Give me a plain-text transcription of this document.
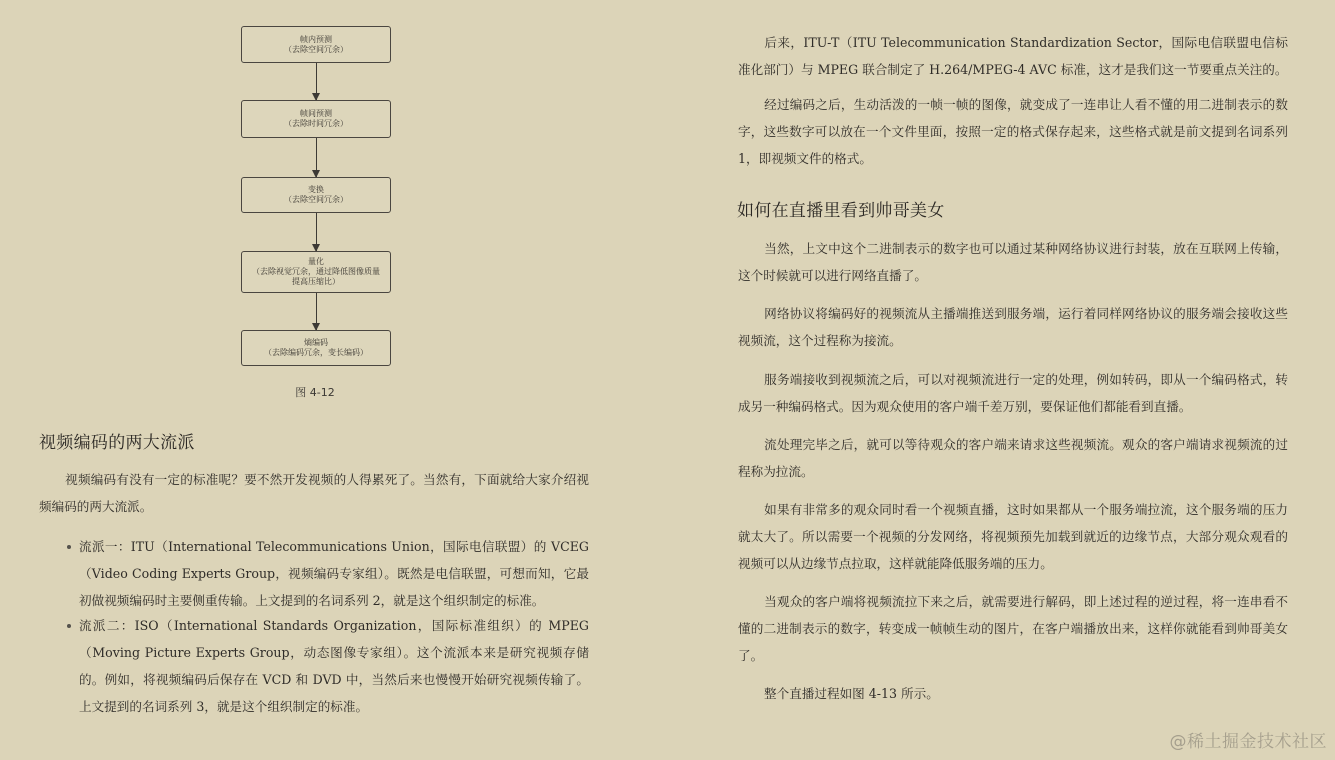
帧内预测
（去除空间冗余）
帧间预测
（去除时间冗余）
变换
（去除空间冗余）
量化
（去除视觉冗余，通过降低图像质量
提高压缩比）
熵编码
（去除编码冗余，变长编码）
图 4-12
视频编码的两大流派
视频编码有没有一定的标准呢？要不然开发视频的人得累死了。当然有，下面就给大家介绍视频编码的两大流派。
流派一：ITU（International Telecommunications Union，国际电信联盟）的 VCEG（Video Coding Experts Group，视频编码专家组）。既然是电信联盟，可想而知，它最初做视频编码时主要侧重传输。上文提到的名词系列 2，就是这个组织制定的标准。
流派二：ISO（International Standards Organization，国际标准组织）的 MPEG（Moving Picture Experts Group，动态图像专家组）。这个流派本来是研究视频存储的。例如，将视频编码后保存在 VCD 和 DVD 中，当然后来也慢慢开始研究视频传输了。上文提到的名词系列 3，就是这个组织制定的标准。
后来，ITU-T（ITU Telecommunication Standardization Sector，国际电信联盟电信标准化部门）与 MPEG 联合制定了 H.264/MPEG-4 AVC 标准，这才是我们这一节要重点关注的。
经过编码之后，生动活泼的一帧一帧的图像，就变成了一连串让人看不懂的用二进制表示的数字，这些数字可以放在一个文件里面，按照一定的格式保存起来，这些格式就是前文提到名词系列 1，即视频文件的格式。
如何在直播里看到帅哥美女
当然，上文中这个二进制表示的数字也可以通过某种网络协议进行封装，放在互联网上传输，这个时候就可以进行网络直播了。
网络协议将编码好的视频流从主播端推送到服务端，运行着同样网络协议的服务端会接收这些视频流，这个过程称为接流。
服务端接收到视频流之后，可以对视频流进行一定的处理，例如转码，即从一个编码格式，转成另一种编码格式。因为观众使用的客户端千差万别，要保证他们都能看到直播。
流处理完毕之后，就可以等待观众的客户端来请求这些视频流。观众的客户端请求视频流的过程称为拉流。
如果有非常多的观众同时看一个视频直播，这时如果都从一个服务端拉流，这个服务端的压力就太大了。所以需要一个视频的分发网络，将视频预先加载到就近的边缘节点，大部分观众观看的视频可以从边缘节点拉取，这样就能降低服务端的压力。
当观众的客户端将视频流拉下来之后，就需要进行解码，即上述过程的逆过程，将一连串看不懂的二进制表示的数字，转变成一帧帧生动的图片，在客户端播放出来，这样你就能看到帅哥美女了。
整个直播过程如图 4-13 所示。
@稀土掘金技术社区
